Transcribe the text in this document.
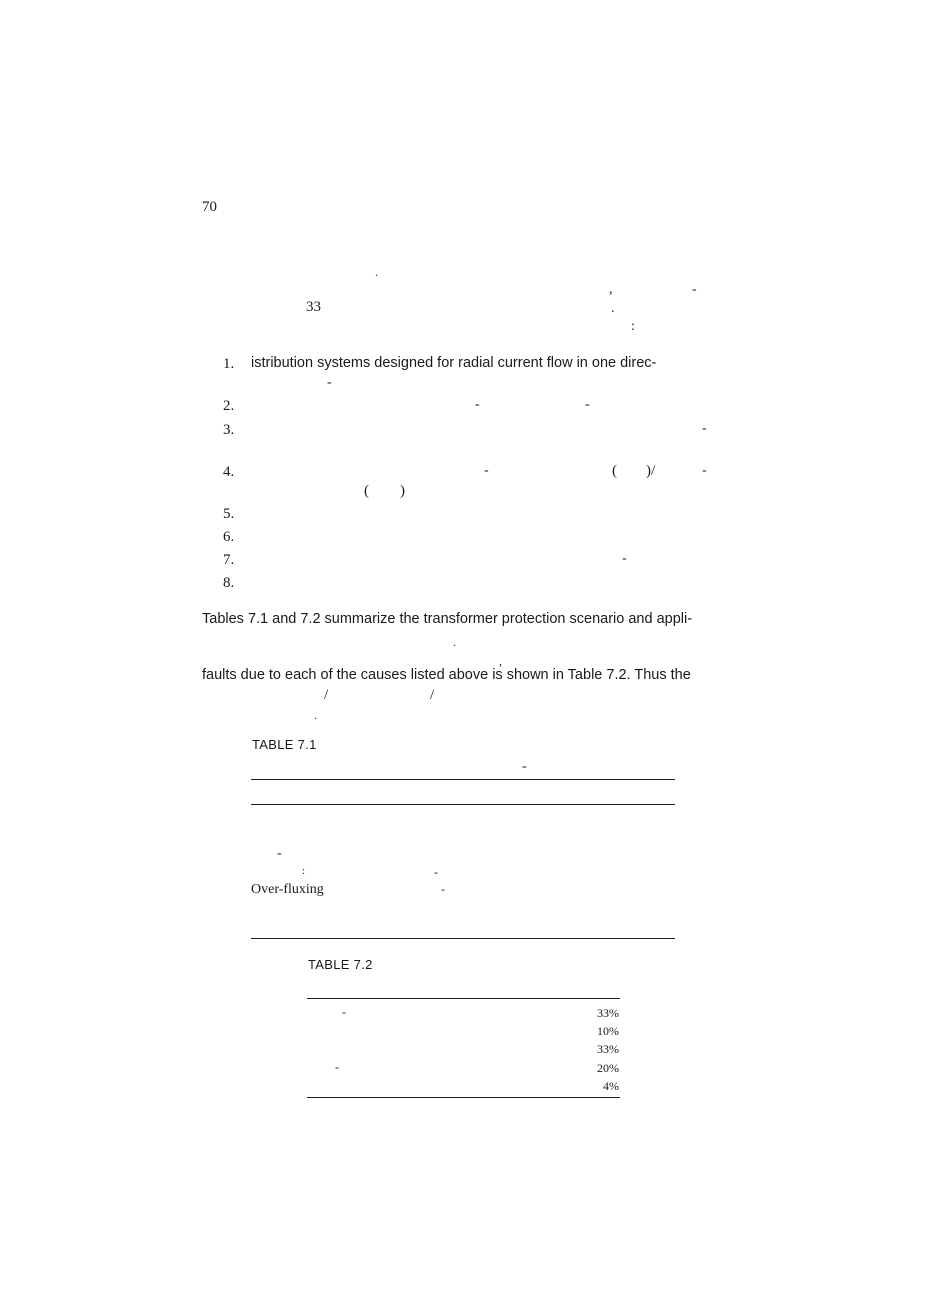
70
.
,	-
33	.
:
1. istribution systems designed for radial current flow in one direc-
-
2.	-	-
3.	-
4.	-	( )/	-
( )
5.
6.
7.	-
8.
Tables 7.1 and 7.2 summarize the transformer protection scenario and appli-
.
,
faults due to each of the causes listed above is shown in Table 7.2. Thus the
/	/
.
TABLE 7.1
-
-
:	-
Over-fluxing	-
TABLE 7.2
-	33%
10%
33%
-	20%
4%
